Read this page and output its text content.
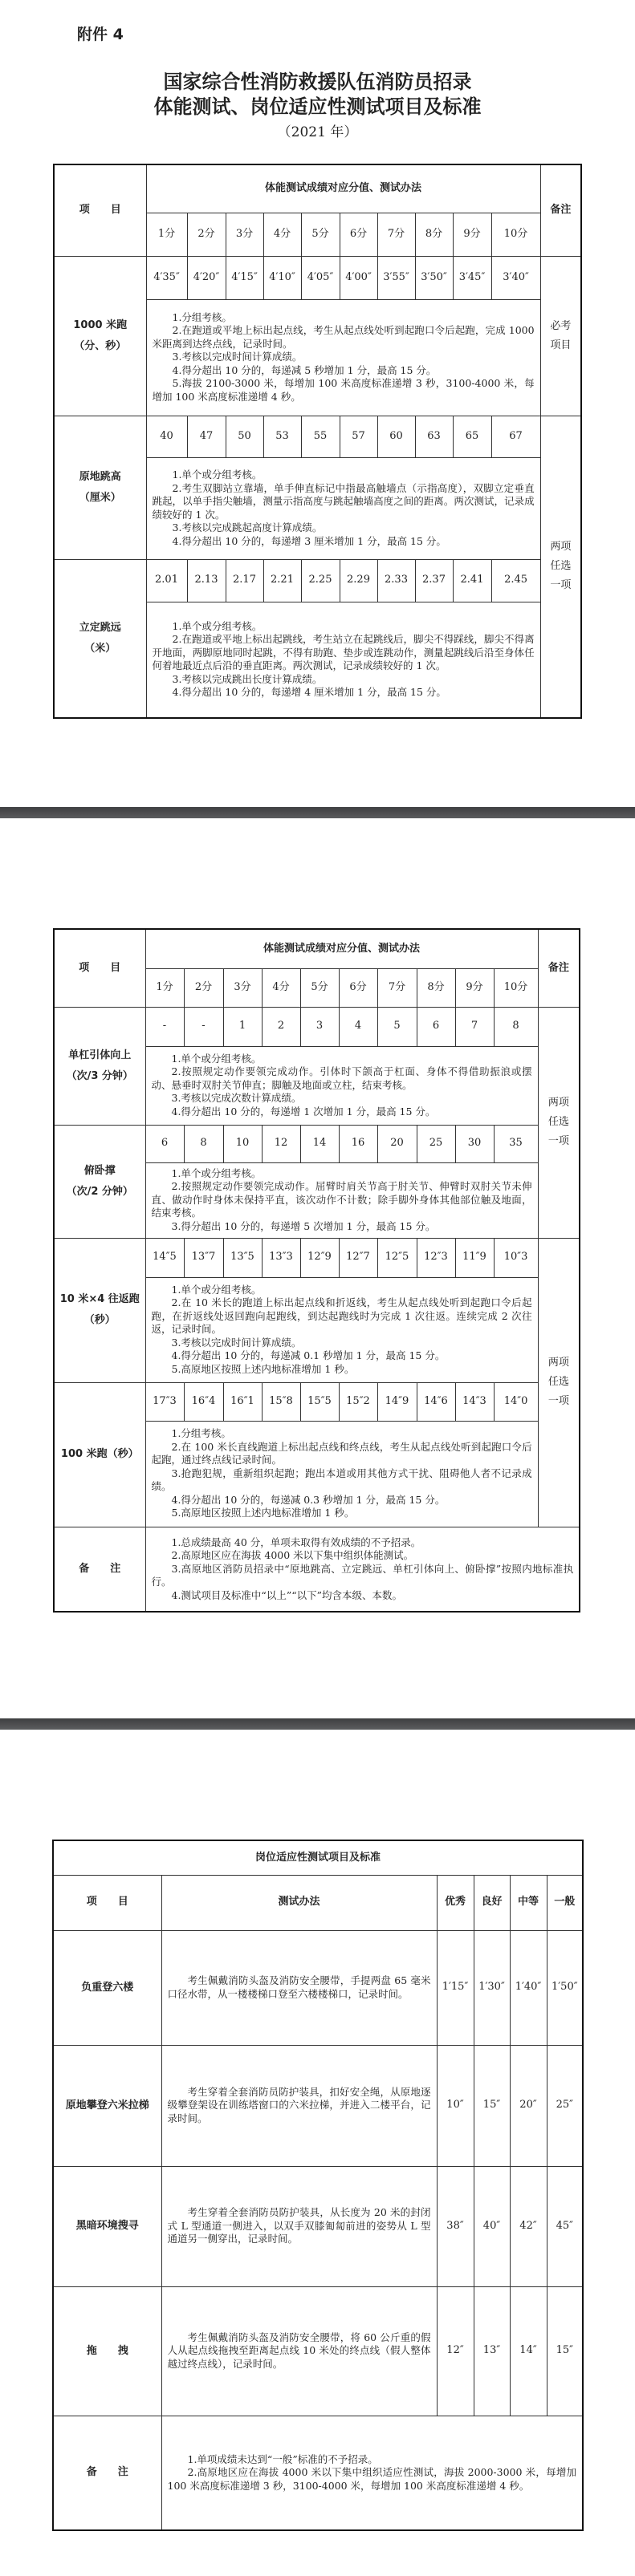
附件 4
国家综合性消防救援队伍消防员招录
体能测试、岗位适应性测试项目及标准
（2021 年）
项　　目	体能测试成绩对应分值、测试办法										备注
	1分	2分	3分	4分	5分	6分	7分	8分	9分	10分	

1000 米跑
（分、秒）	4′35″	4′20″	4′15″	4′10″	4′05″	4′00″	3′55″	3′50″	3′45″	3′40″	必考项目

	1.分组考核。
2.在跑道或平地上标出起点线，考生从起点线处听到起跑口令后起跑，完成 1000 米距离到达终点线，记录时间。
3.考核以完成时间计算成绩。
4.得分超出 10 分的，每递减 5 秒增加 1 分，最高 15 分。
5.海拔 2100-3000 米，每增加 100 米高度标准递增 3 秒，3100-4000 米，每增加 100 米高度标准递增 4 秒。										

原地跳高
（厘米）	40	47	50	53	55	57	60	63	65	67	两项任选一项

	1.单个或分组考核。
2.考生双脚站立靠墙，单手伸直标记中指最高触墙点（示指高度），双脚立定垂直跳起，以单手指尖触墙，测量示指高度与跳起触墙高度之间的距离。两次测试，记录成绩较好的 1 次。
3.考核以完成跳起高度计算成绩。
4.得分超出 10 分的，每递增 3 厘米增加 1 分，最高 15 分。										

立定跳远
（米）	2.01	2.13	2.17	2.21	2.25	2.29	2.33	2.37	2.41	2.45	

	1.单个或分组考核。
2.在跑道或平地上标出起跳线，考生站立在起跳线后，脚尖不得踩线，脚尖不得离开地面，两脚原地同时起跳，不得有助跑、垫步或连跳动作，测量起跳线后沿至身体任何着地最近点后沿的垂直距离。两次测试，记录成绩较好的 1 次。
3.考核以完成跳出长度计算成绩。
4.得分超出 10 分的，每递增 4 厘米增加 1 分，最高 15 分。										
项　　目	体能测试成绩对应分值、测试办法										备注
	1分	2分	3分	4分	5分	6分	7分	8分	9分	10分	

单杠引体向上
（次/3 分钟）	-	-	1	2	3	4	5	6	7	8	两项任选一项

	1.单个或分组考核。
2.按照规定动作要领完成动作。引体时下颌高于杠面、身体不得借助振浪或摆动、悬垂时双肘关节伸直；脚触及地面或立柱，结束考核。
3.考核以完成次数计算成绩。
4.得分超出 10 分的，每递增 1 次增加 1 分，最高 15 分。										

俯卧撑
（次/2 分钟）	6	8	10	12	14	16	20	25	30	35	

	1.单个或分组考核。
2.按照规定动作要领完成动作。屈臂时肩关节高于肘关节、伸臂时双肘关节未伸直、做动作时身体未保持平直，该次动作不计数；除手脚外身体其他部位触及地面，结束考核。
3.得分超出 10 分的，每递增 5 次增加 1 分，最高 15 分。										

10 米×4 往返跑
（秒）	14″5	13″7	13″5	13″3	12″9	12″7	12″5	12″3	11″9	10″3	两项任选一项

	1.单个或分组考核。
2.在 10 米长的跑道上标出起点线和折返线，考生从起点线处听到起跑口令后起跑，在折返线处返回跑向起跑线，到达起跑线时为完成 1 次往返。连续完成 2 次往返，记录时间。
3.考核以完成时间计算成绩。
4.得分超出 10 分的，每递减 0.1 秒增加 1 分，最高 15 分。
5.高原地区按照上述内地标准增加 1 秒。										

100 米跑（秒）	17″3	16″4	16″1	15″8	15″5	15″2	14″9	14″6	14″3	14″0	

	1.分组考核。
2.在 100 米长直线跑道上标出起点线和终点线，考生从起点线处听到起跑口令后起跑，通过终点线记录时间。
3.抢跑犯规，重新组织起跑；跑出本道或用其他方式干扰、阻碍他人者不记录成绩。
4.得分超出 10 分的，每递减 0.3 秒增加 1 分，最高 15 分。
5.高原地区按照上述内地标准增加 1 秒。										

备　　注	1.总成绩最高 40 分，单项未取得有效成绩的不予招录。
2.高原地区应在海拔 4000 米以下集中组织体能测试。
3.高原地区消防员招录中“原地跳高、立定跳远、单杠引体向上、俯卧撑”按照内地标准执行。
4.测试项目及标准中“以上”“以下”均含本级、本数。										
岗位适应性测试项目及标准					
项　　目	测试办法	优秀	良好	中等	一般
负重登六楼	考生佩戴消防头盔及消防安全腰带，手提两盘 65 毫米口径水带，从一楼楼梯口登至六楼楼梯口，记录时间。	1′15″	1′30″	1′40″	1′50″
原地攀登六米拉梯	考生穿着全套消防员防护装具，扣好安全绳，从原地逐级攀登架设在训练塔窗口的六米拉梯，并进入二楼平台，记录时间。	10″	15″	20″	25″
黑暗环境搜寻	考生穿着全套消防员防护装具，从长度为 20 米的封闭式 L 型通道一侧进入，以双手双膝匍匐前进的姿势从 L 型通道另一侧穿出，记录时间。	38″	40″	42″	45″
拖　　拽	考生佩戴消防头盔及消防安全腰带，将 60 公斤重的假人从起点线拖拽至距离起点线 10 米处的终点线（假人整体越过终点线），记录时间。	12″	13″	14″	15″
备　　注	1.单项成绩未达到“一般”标准的不予招录。
2.高原地区应在海拔 4000 米以下集中组织适应性测试，海拔 2000-3000 米，每增加 100 米高度标准递增 3 秒，3100-4000 米，每增加 100 米高度标准递增 4 秒。				
